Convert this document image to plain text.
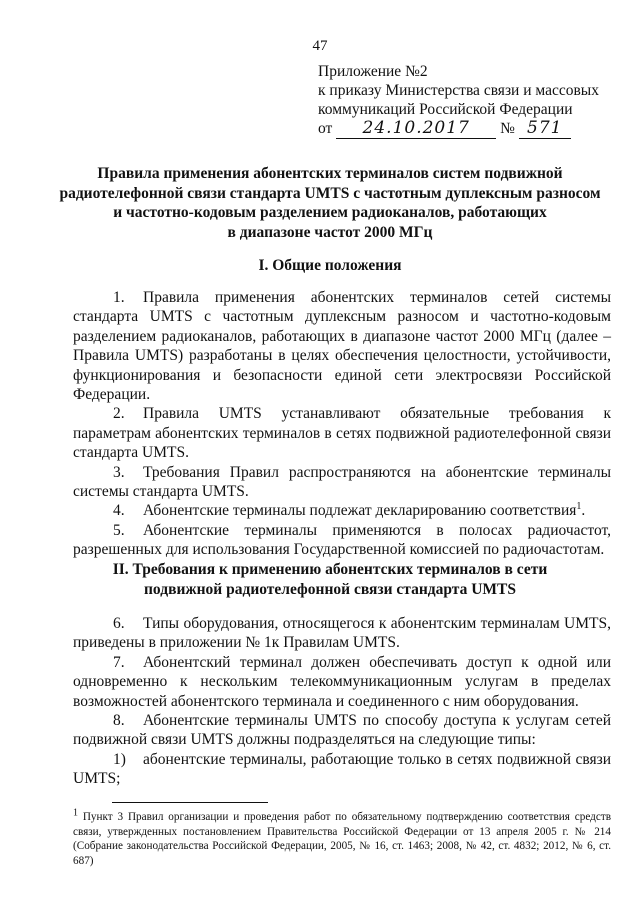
47
Приложение №2
к приказу Министерства связи и массовых
коммуникаций Российской Федерации
от 24.10.2017 № 571
Правила применения абонентских терминалов систем подвижной
радиотелефонной связи стандарта UMTS с частотным дуплексным разносом
и частотно-кодовым разделением радиоканалов, работающих
в диапазоне частот 2000 МГц
I. Общие положения
1. Правила применения абонентских терминалов сетей системы стандарта UMTS с частотным дуплексным разносом и частотно-кодовым разделением радиоканалов, работающих в диапазоне частот 2000 МГц (далее – Правила UMTS) разработаны в целях обеспечения целостности, устойчивости, функционирования и безопасности единой сети электросвязи Российской Федерации.
2. Правила UMTS устанавливают обязательные требования к параметрам абонентских терминалов в сетях подвижной радиотелефонной связи стандарта UMTS.
3. Требования Правил распространяются на абонентские терминалы системы стандарта UMTS.
4. Абонентские терминалы подлежат декларированию соответствия$^1$.
5. Абонентские терминалы применяются в полосах радиочастот, разрешенных для использования Государственной комиссией по радиочастотам.
II. Требования к применению абонентских терминалов в сети
подвижной радиотелефонной связи стандарта UMTS
6. Типы оборудования, относящегося к абонентским терминалам UMTS, приведены в приложении № 1к Правилам UMTS.
7. Абонентский терминал должен обеспечивать доступ к одной или одновременно к нескольким телекоммуникационным услугам в пределах возможностей абонентского терминала и соединенного с ним оборудования.
8. Абонентские терминалы UMTS по способу доступа к услугам сетей подвижной связи UMTS должны подразделяться на следующие типы:
1) абонентские терминалы, работающие только в сетях подвижной связи UMTS;
1 Пункт 3 Правил организации и проведения работ по обязательному подтверждению соответствия средств связи, утвержденных постановлением Правительства Российской Федерации от 13 апреля 2005 г. № 214 (Собрание законодательства Российской Федерации, 2005, № 16, ст. 1463; 2008, № 42, ст. 4832; 2012, № 6, ст. 687)
